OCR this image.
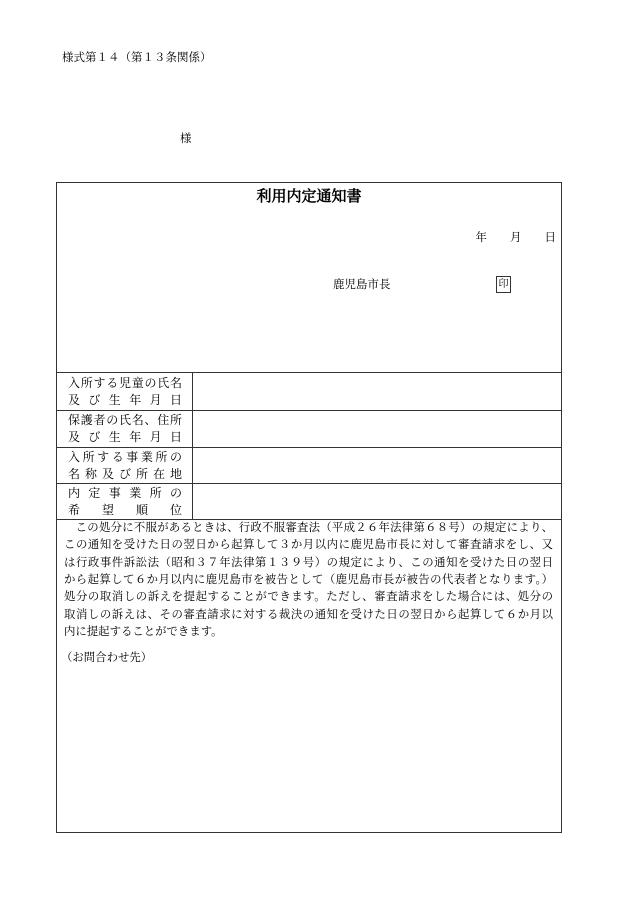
様式第１４（第１３条関係）
様
利用内定通知書
年　　月　　日
鹿児島市長	印
入所する児童の氏名
及び生年月日
保護者の氏名、住所
及び生年月日
入所する事業所の
名称及び所在地
内定事業所の
希望順位
　この処分に不服があるときは、行政不服審査法（平成２６年法律第６８号）の規定により、
この通知を受けた日の翌日から起算して３か月以内に鹿児島市長に対して審査請求をし、又
は行政事件訴訟法（昭和３７年法律第１３９号）の規定により、この通知を受けた日の翌日
から起算して６か月以内に鹿児島市を被告として（鹿児島市長が被告の代表者となります。）
処分の取消しの訴えを提起することができます。ただし、審査請求をした場合には、処分の
取消しの訴えは、その審査請求に対する裁決の通知を受けた日の翌日から起算して６か月以
内に提起することができます。
（お問合わせ先）
